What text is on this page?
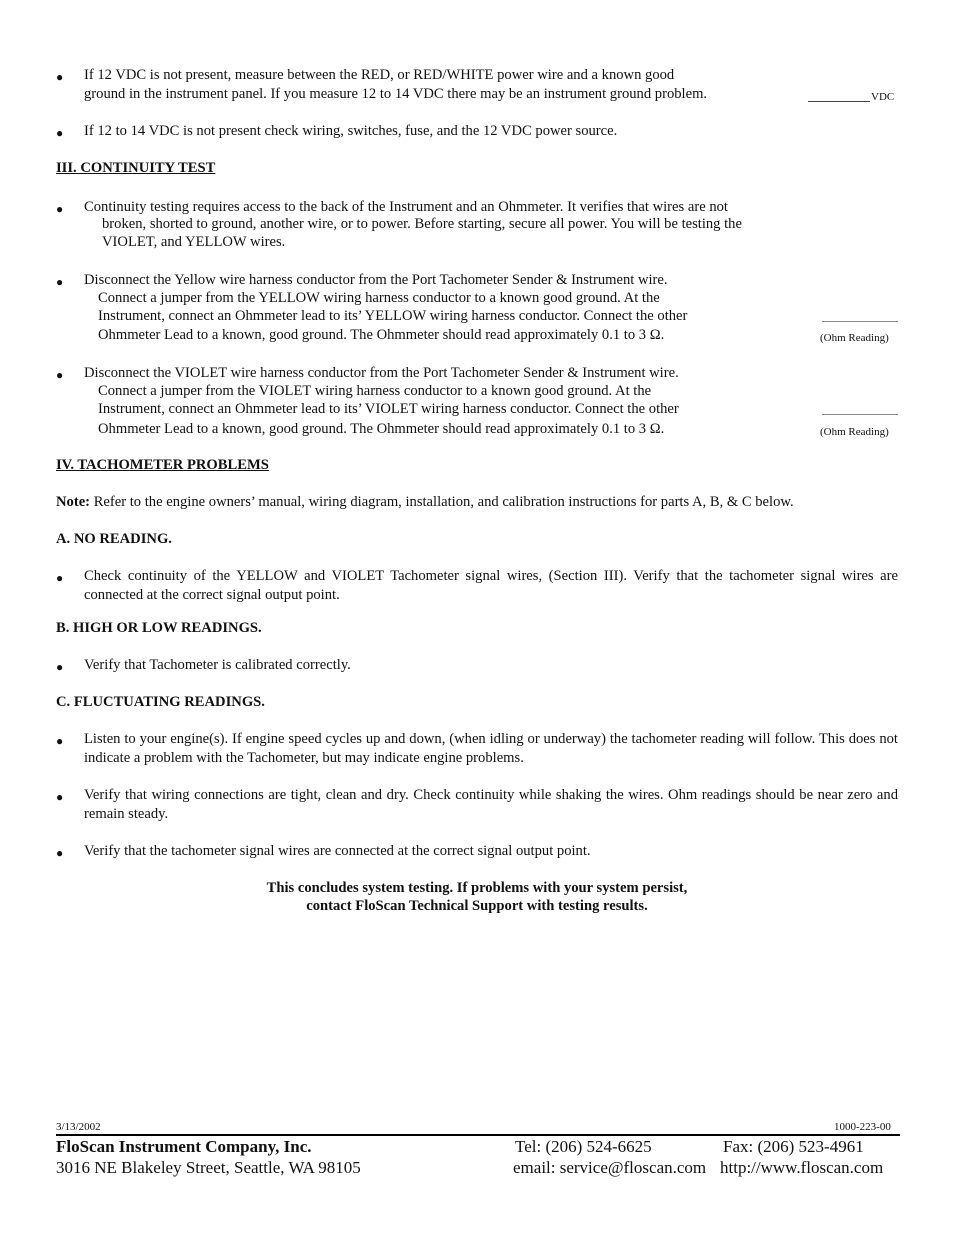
● If 12 VDC is not present, measure between the RED, or RED/WHITE power wire and a known good
ground in the instrument panel. If you measure 12 to 14 VDC there may be an instrument ground problem.	VDC
● If 12 to 14 VDC is not present check wiring, switches, fuse, and the 12 VDC power source.
III. CONTINUITY TEST
● Continuity testing requires access to the back of the Instrument and an Ohmmeter. It verifies that wires are not
broken, shorted to ground, another wire, or to power. Before starting, secure all power. You will be testing the
VIOLET, and YELLOW wires.
● Disconnect the Yellow wire harness conductor from the Port Tachometer Sender & Instrument wire.
Connect a jumper from the YELLOW wiring harness conductor to a known good ground. At the
Instrument, connect an Ohmmeter lead to its’ YELLOW wiring harness conductor. Connect the other
Ohmmeter Lead to a known, good ground. The Ohmmeter should read approximately 0.1 to 3 Ω.	(Ohm Reading)
● Disconnect the VIOLET wire harness conductor from the Port Tachometer Sender & Instrument wire.
Connect a jumper from the VIOLET wiring harness conductor to a known good ground. At the
Instrument, connect an Ohmmeter lead to its’ VIOLET wiring harness conductor. Connect the other
Ohmmeter Lead to a known, good ground. The Ohmmeter should read approximately 0.1 to 3 Ω.	(Ohm Reading)
IV. TACHOMETER PROBLEMS
Note: Refer to the engine owners’ manual, wiring diagram, installation, and calibration instructions for parts A, B, & C below.
A. NO READING.
● Check continuity of the YELLOW and VIOLET Tachometer signal wires, (Section III). Verify that the tachometer signal wires are connected at the correct signal output point.
B. HIGH OR LOW READINGS.
● Verify that Tachometer is calibrated correctly.
C. FLUCTUATING READINGS.
● Listen to your engine(s). If engine speed cycles up and down, (when idling or underway) the tachometer reading will follow. This does not indicate a problem with the Tachometer, but may indicate engine problems.
● Verify that wiring connections are tight, clean and dry. Check continuity while shaking the wires. Ohm readings should be near zero and remain steady.
● Verify that the tachometer signal wires are connected at the correct signal output point.
This concludes system testing. If problems with your system persist,
contact FloScan Technical Support with testing results.
3/13/2002	1000-223-00
FloScan Instrument Company, Inc.
3016 NE Blakeley Street, Seattle, WA 98105
Tel: (206) 524-6625	Fax: (206) 523-4961
email: service@floscan.com http://www.floscan.com
